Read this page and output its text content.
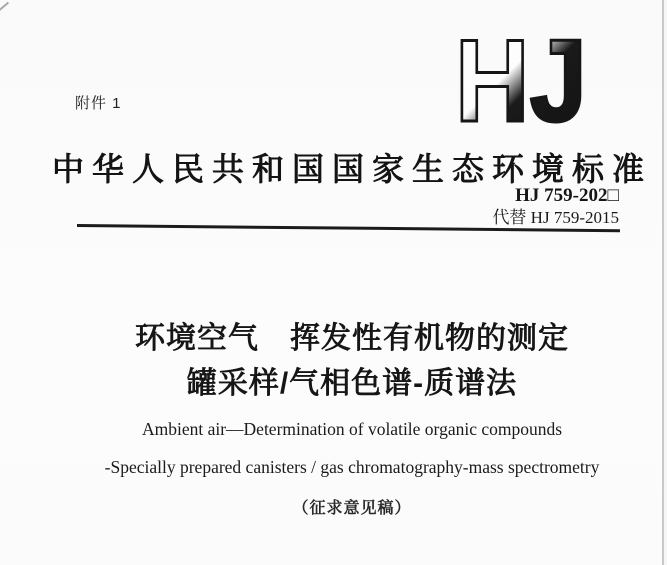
附件 1	HJ
中华人民共和国国家生态环境标准
HJ 759-202□
代替 HJ 759-2015
环境空气　挥发性有机物的测定
罐采样/气相色谱-质谱法
Ambient air—Determination of volatile organic compounds
-Specially prepared canisters / gas chromatography-mass spectrometry
（征求意见稿）
